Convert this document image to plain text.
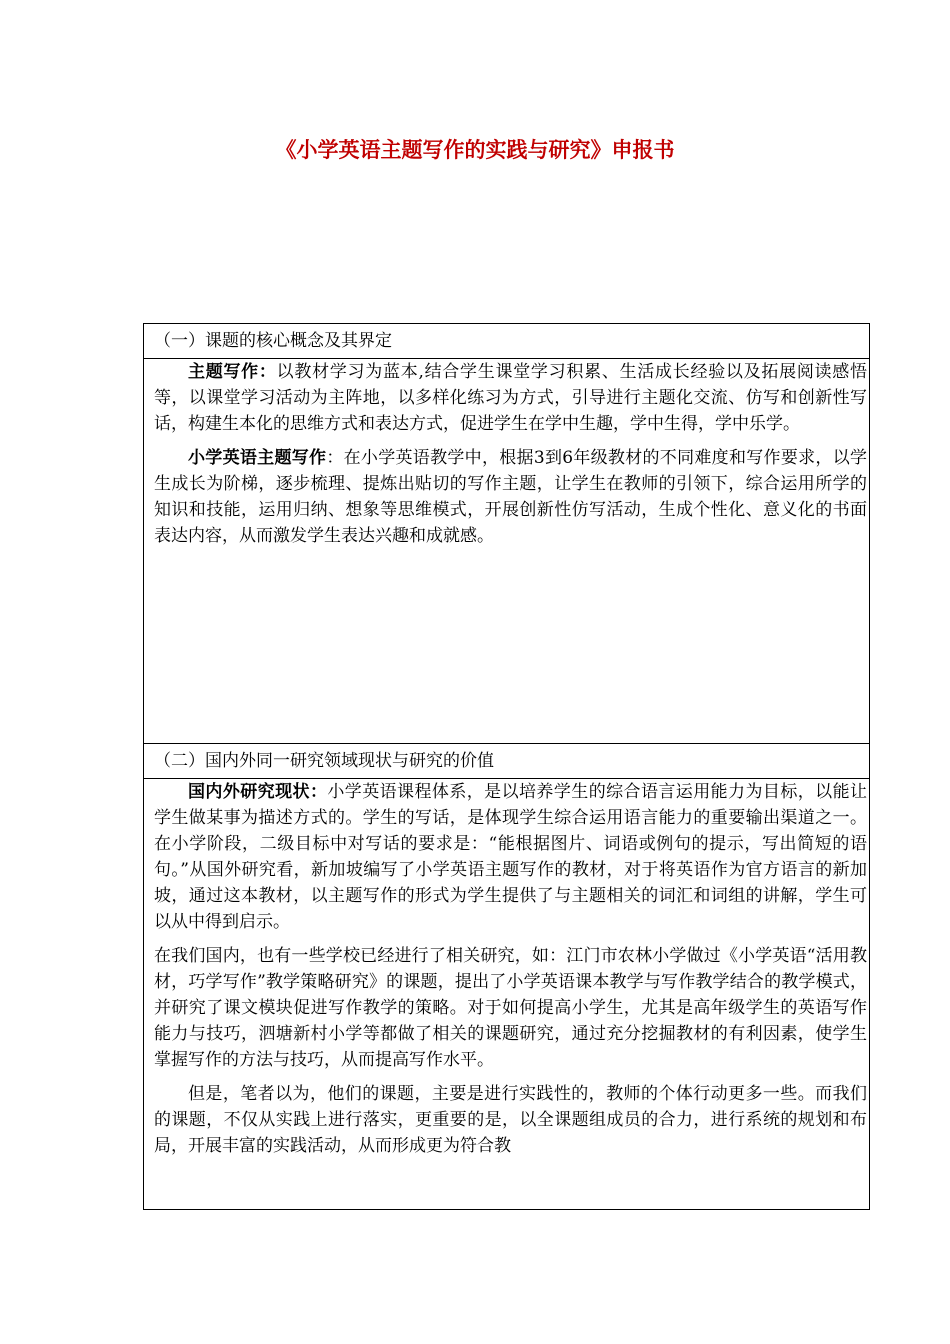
《小学英语主题写作的实践与研究》申报书
（一）课题的核心概念及其界定

主题写作：以教材学习为蓝本,结合学生课堂学习积累、生活成长经验以及拓展阅读感悟等，以课堂学习活动为主阵地，以多样化练习为方式，引导进行主题化交流、仿写和创新性写话，构建生本化的思维方式和表达方式，促进学生在学中生趣，学中生得，学中乐学。

小学英语主题写作：在小学英语教学中，根据3到6年级教材的不同难度和写作要求，以学生成长为阶梯，逐步梳理、提炼出贴切的写作主题，让学生在教师的引领下，综合运用所学的知识和技能，运用归纳、想象等思维模式，开展创新性仿写活动，生成个性化、意义化的书面表达内容，从而激发学生表达兴趣和成就感。

（二）国内外同一研究领域现状与研究的价值

国内外研究现状：小学英语课程体系，是以培养学生的综合语言运用能力为目标，以能让学生做某事为描述方式的。学生的写话，是体现学生综合运用语言能力的重要输出渠道之一。在小学阶段，二级目标中对写话的要求是：“能根据图片、词语或例句的提示，写出简短的语句。”从国外研究看，新加坡编写了小学英语主题写作的教材，对于将英语作为官方语言的新加坡，通过这本教材，以主题写作的形式为学生提供了与主题相关的词汇和词组的讲解，学生可以从中得到启示。

在我们国内，也有一些学校已经进行了相关研究，如：江门市农林小学做过《小学英语“活用教材，巧学写作”教学策略研究》的课题，提出了小学英语课本教学与写作教学结合的教学模式，并研究了课文模块促进写作教学的策略。对于如何提高小学生，尤其是高年级学生的英语写作能力与技巧，泗塘新村小学等都做了相关的课题研究，通过充分挖掘教材的有利因素，使学生掌握写作的方法与技巧，从而提高写作水平。

但是，笔者以为，他们的课题，主要是进行实践性的，教师的个体行动更多一些。而我们的课题，不仅从实践上进行落实，更重要的是，以全课题组成员的合力，进行系统的规划和布局，开展丰富的实践活动，从而形成更为符合教
